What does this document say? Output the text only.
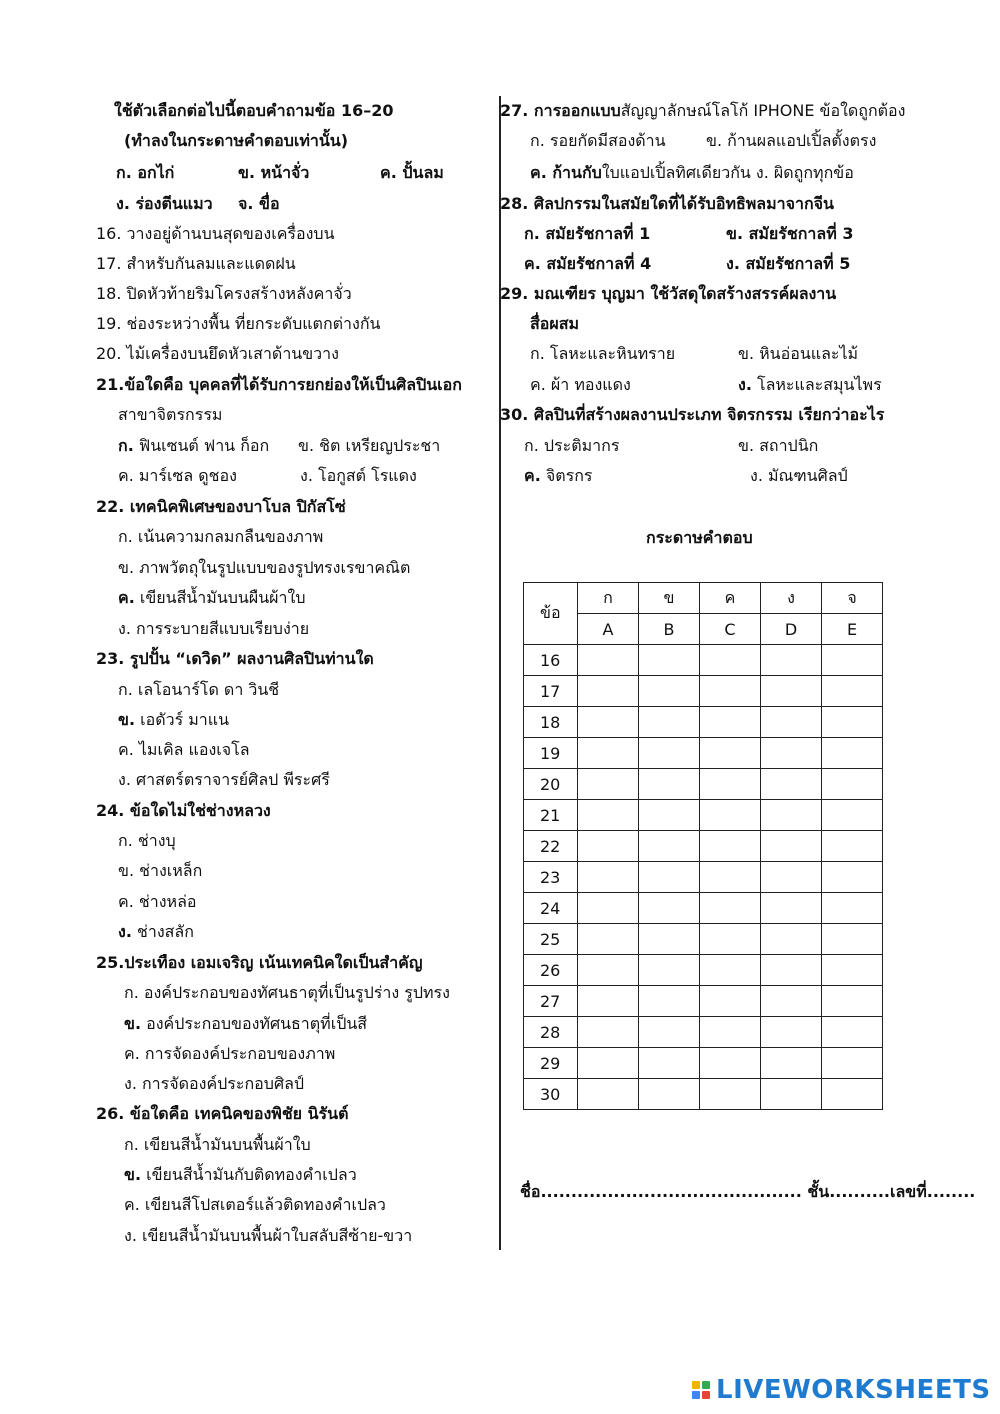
ใช้ตัวเลือกต่อไปนี้ตอบคำถามข้อ 16–20
(ทำลงในกระดาษคำตอบเท่านั้น)
ก. อกไก่	ข. หน้าจั่ว	ค. ปั้นลม
ง. ร่องตีนแมว จ. ขื่อ
16. วางอยู่ด้านบนสุดของเครื่องบน
17. สำหรับกันลมและแดดฝน
18. ปิดหัวท้ายริมโครงสร้างหลังคาจั่ว
19. ช่องระหว่างพื้น ที่ยกระดับแตกต่างกัน
20. ไม้เครื่องบนยึดหัวเสาด้านขวาง
21.ข้อใดคือ บุคคลที่ได้รับการยกย่องให้เป็นศิลปินเอก
สาขาจิตรกรรม
ก. ฟินเซนต์ ฟาน ก็อก ข. ชิต เหรียญประชา
ค. มาร์เซล ดูชอง	ง. โอกูสต์ โรแดง
22. เทคนิคพิเศษของบาโบล ปิกัสโซ่
ก. เน้นความกลมกลืนของภาพ
ข. ภาพวัตถุในรูปแบบของรูปทรงเรขาคณิต
ค. เขียนสีน้ำมันบนผืนผ้าใบ
ง. การระบายสีแบบเรียบง่าย
23. รูปปั้น “เดวิด” ผลงานศิลปินท่านใด
ก. เลโอนาร์โด ดา วินชี
ข. เอดัวร์ มาแน
ค. ไมเคิล แองเจโล
ง. ศาสตร์ตราจารย์ศิลป พีระศรี
24. ข้อใดไม่ใช่ช่างหลวง
ก. ช่างบุ
ข. ช่างเหล็ก
ค. ช่างหล่อ
ง. ช่างสลัก
25.ประเทือง เอมเจริญ เน้นเทคนิคใดเป็นสำคัญ
ก. องค์ประกอบของทัศนธาตุที่เป็นรูปร่าง รูปทรง
ข. องค์ประกอบของทัศนธาตุที่เป็นสี
ค. การจัดองค์ประกอบของภาพ
ง. การจัดองค์ประกอบศิลป์
26. ข้อใดคือ เทคนิคของพิชัย นิรันต์
ก. เขียนสีน้ำมันบนพื้นผ้าใบ
ข. เขียนสีน้ำมันกับติดทองคำเปลว
ค. เขียนสีโปสเตอร์แล้วติดทองคำเปลว
ง. เขียนสีน้ำมันบนพื้นผ้าใบสลับสีซ้าย-ขวา
27. การออกแบบสัญญาลักษณ์โลโก้ IPHONE ข้อใดถูกต้อง
ก. รอยกัดมีสองด้าน	ข. ก้านผลแอปเปิ้ลตั้งตรง
ค. ก้านกับใบแอปเปิ้ลทิศเดียวกัน ง. ผิดถูกทุกข้อ
28. ศิลปกรรมในสมัยใดที่ได้รับอิทธิพลมาจากจีน
ก. สมัยรัชกาลที่ 1	ข. สมัยรัชกาลที่ 3
ค. สมัยรัชกาลที่ 4	ง. สมัยรัชกาลที่ 5
29. มณเฑียร บุญมา ใช้วัสดุใดสร้างสรรค์ผลงาน
สื่อผสม
ก. โลหะและหินทราย	ข. หินอ่อนและไม้
ค. ผ้า ทองแดง	ง. โลหะและสมุนไพร
30. ศิลปินที่สร้างผลงานประเภท จิตรกรรม เรียกว่าอะไร
ก. ประติมากร	ข. สถาปนิก
ค. จิตรกร	ง. มัณฑนศิลป์
กระดาษคำตอบ
ข้อ	ก	ข	ค	ง	จ
	A	B	C	D	E
16					
17					
18					
19					
20					
21					
22					
23					
24					
25					
26					
27					
28					
29					
30					
ชื่อ........................................... ชั้น..........เลขที่........
LIVEWORKSHEETS
